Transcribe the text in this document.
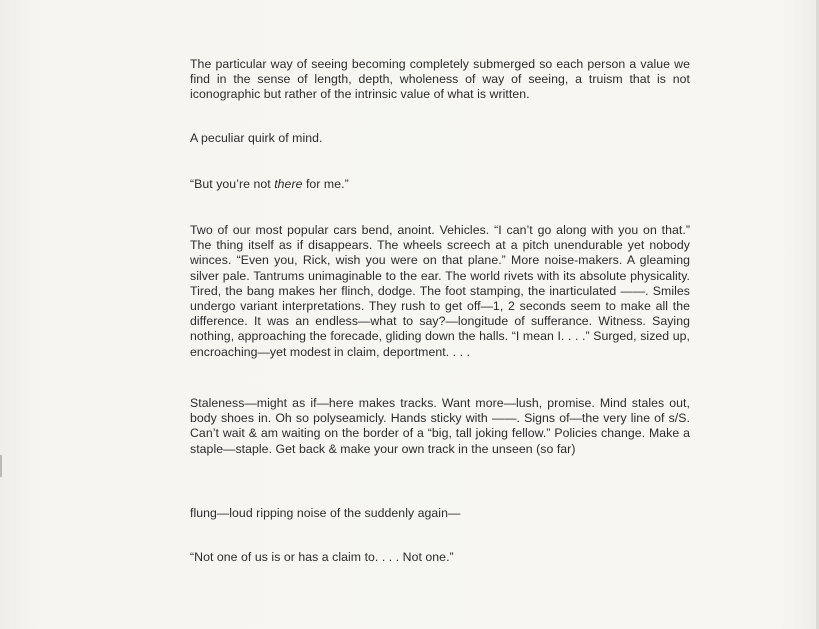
The particular way of seeing becoming completely submerged so each person a value we find in the sense of length, depth, wholeness of way of seeing, a truism that is not iconographic but rather of the intrinsic value of what is written.

A peculiar quirk of mind.

“But you’re not there for me.”

Two of our most popular cars bend, anoint. Vehicles. “I can’t go along with you on that.” The thing itself as if disappears. The wheels screech at a pitch unendurable yet nobody winces. “Even you, Rick, wish you were on that plane.” More noise-makers. A gleaming silver pale. Tantrums unimaginable to the ear. The world rivets with its absolute physicality. Tired, the bang makes her flinch, dodge. The foot stamping, the inarticulated ——. Smiles undergo variant interpretations. They rush to get off—1, 2 seconds seem to make all the difference. It was an endless—what to say?—longitude of sufferance. Witness. Saying nothing, approaching the forecade, gliding down the halls. “I mean I. . . .” Surged, sized up, encroaching—yet modest in claim, deportment. . . .

Staleness—might as if—here makes tracks. Want more—lush, promise. Mind stales out, body shoes in. Oh so polyseamicly. Hands sticky with ——. Signs of—the very line of s/S. Can’t wait & am waiting on the border of a “big, tall joking fellow.” Policies change. Make a staple—staple. Get back & make your own track in the unseen (so far)

flung—loud ripping noise of the suddenly again—

“Not one of us is or has a claim to. . . . Not one.”
